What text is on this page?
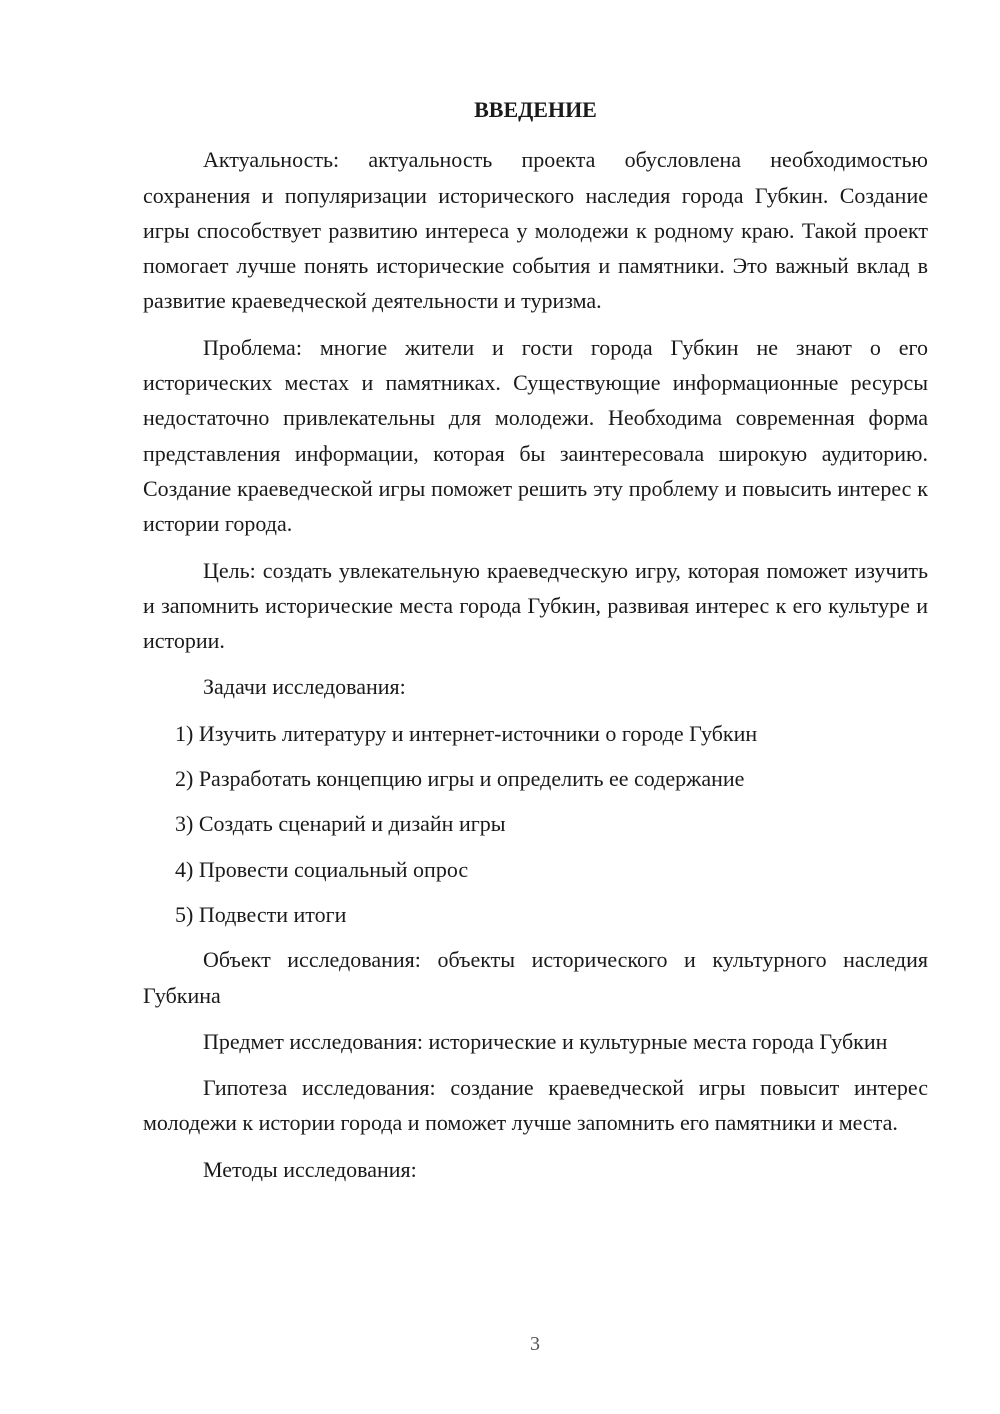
ВВЕДЕНИЕ

Актуальность: актуальность проекта обусловлена необходимостью сохранения и популяризации исторического наследия города Губкин. Создание игры способствует развитию интереса у молодежи к родному краю. Такой проект помогает лучше понять исторические события и памятники. Это важный вклад в развитие краеведческой деятельности и туризма.

Проблема: многие жители и гости города Губкин не знают о его исторических местах и памятниках. Существующие информационные ресурсы недостаточно привлекательны для молодежи. Необходима современная форма представления информации, которая бы заинтересовала широкую аудиторию. Создание краеведческой игры поможет решить эту проблему и повысить интерес к истории города.

Цель: создать увлекательную краеведческую игру, которая поможет изучить и запомнить исторические места города Губкин, развивая интерес к его культуре и истории.

Задачи исследования:

1) Изучить литературу и интернет-источники о городе Губкин

2) Разработать концепцию игры и определить ее содержание

3) Создать сценарий и дизайн игры

4) Провести социальный опрос

5) Подвести итоги

Объект исследования: объекты исторического и культурного наследия Губкина

Предмет исследования: исторические и культурные места города Губкин

Гипотеза исследования: создание краеведческой игры повысит интерес молодежи к истории города и поможет лучше запомнить его памятники и места.

Методы исследования:

3
